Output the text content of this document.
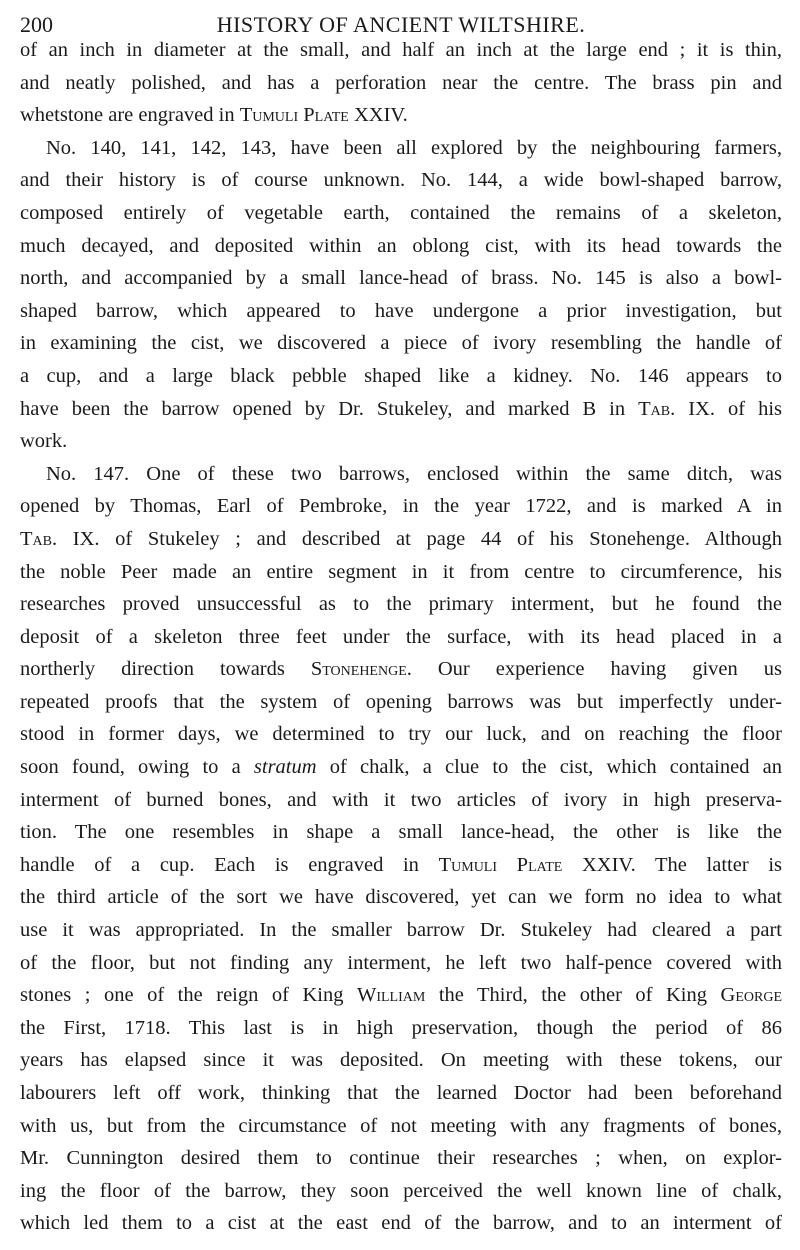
200	HISTORY OF ANCIENT WILTSHIRE.
of an inch in diameter at the small, and half an inch at the large end ; it is thin,
and neatly polished, and has a perforation near the centre. The brass pin and
whetstone are engraved in Tumuli Plate XXIV.
No. 140, 141, 142, 143, have been all explored by the neighbouring farmers,
and their history is of course unknown. No. 144, a wide bowl-shaped barrow,
composed entirely of vegetable earth, contained the remains of a skeleton,
much decayed, and deposited within an oblong cist, with its head towards the
north, and accompanied by a small lance-head of brass. No. 145 is also a bowl-
shaped barrow, which appeared to have undergone a prior investigation, but
in examining the cist, we discovered a piece of ivory resembling the handle of
a cup, and a large black pebble shaped like a kidney. No. 146 appears to
have been the barrow opened by Dr. Stukeley, and marked B in Tab. IX. of his
work.
No. 147. One of these two barrows, enclosed within the same ditch, was
opened by Thomas, Earl of Pembroke, in the year 1722, and is marked A in
Tab. IX. of Stukeley ; and described at page 44 of his Stonehenge. Although
the noble Peer made an entire segment in it from centre to circumference, his
researches proved unsuccessful as to the primary interment, but he found the
deposit of a skeleton three feet under the surface, with its head placed in a
northerly direction towards Stonehenge. Our experience having given us
repeated proofs that the system of opening barrows was but imperfectly under-
stood in former days, we determined to try our luck, and on reaching the floor
soon found, owing to a stratum of chalk, a clue to the cist, which contained an
interment of burned bones, and with it two articles of ivory in high preserva-
tion. The one resembles in shape a small lance-head, the other is like the
handle of a cup. Each is engraved in Tumuli Plate XXIV. The latter is
the third article of the sort we have discovered, yet can we form no idea to what
use it was appropriated. In the smaller barrow Dr. Stukeley had cleared a part
of the floor, but not finding any interment, he left two half-pence covered with
stones ; one of the reign of King William the Third, the other of King George
the First, 1718. This last is in high preservation, though the period of 86
years has elapsed since it was deposited. On meeting with these tokens, our
labourers left off work, thinking that the learned Doctor had been beforehand
with us, but from the circumstance of not meeting with any fragments of bones,
Mr. Cunnington desired them to continue their researches ; when, on explor-
ing the floor of the barrow, they soon perceived the well known line of chalk,
which led them to a cist at the east end of the barrow, and to an interment of
